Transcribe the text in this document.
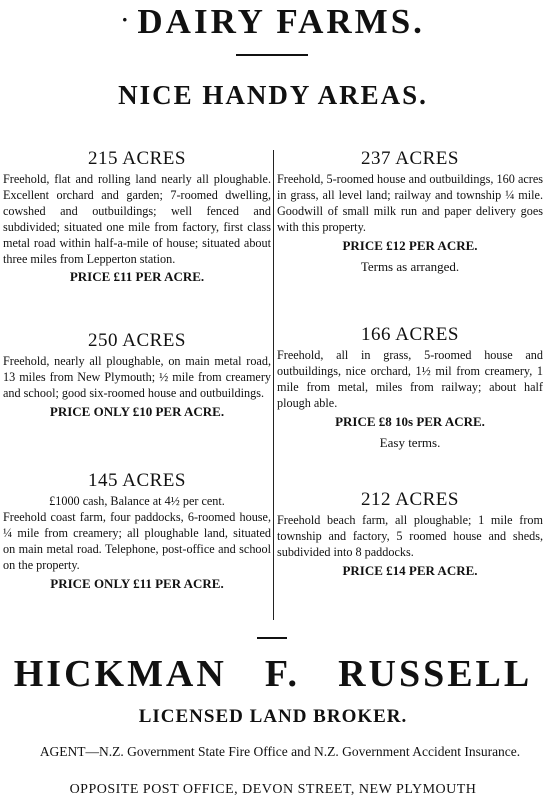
· DAIRY FARMS.
NICE HANDY AREAS.

215 ACRES

Freehold, flat and rolling land nearly all ploughable. Excellent orchard and garden; 7-roomed dwelling, cowshed and outbuildings; well fenced and subdivided; situated one mile from factory, first class metal road within half-a-mile of house; situated about three miles from Lepperton station.

PRICE £11 PER ACRE.

250 ACRES

Freehold, nearly all ploughable, on main metal road, 13 miles from New Plymouth; ½ mile from creamery and school; good six-roomed house and outbuildings.

PRICE ONLY £10 PER ACRE.

145 ACRES

£1000 cash, Balance at 4½ per cent.

Freehold coast farm, four paddocks, 6-roomed house, ¼ mile from creamery; all ploughable land, situated on main metal road. Telephone, post-office and school on the property.

PRICE ONLY £11 PER ACRE.

237 ACRES

Freehold, 5-roomed house and outbuildings, 160 acres in grass, all level land; railway and township ¼ mile. Goodwill of small milk run and paper delivery goes with this property.

PRICE £12 PER ACRE.

Terms as arranged.

166 ACRES

Freehold, all in grass, 5-roomed house and outbuildings, nice orchard, 1½ mil from creamery, 1 mile from metal, miles from railway; about half plough able.

PRICE £8 10s PER ACRE.

Easy terms.

212 ACRES

Freehold beach farm, all ploughable; 1 mile from township and factory, 5 roomed house and sheds, subdivided into 8 paddocks.

PRICE £14 PER ACRE.

HICKMAN F. RUSSELL
LICENSED LAND BROKER.
AGENT—N.Z. Government State Fire Office and N.Z. Government Accident Insurance.
OPPOSITE POST OFFICE, DEVON STREET, NEW PLYMOUTH
